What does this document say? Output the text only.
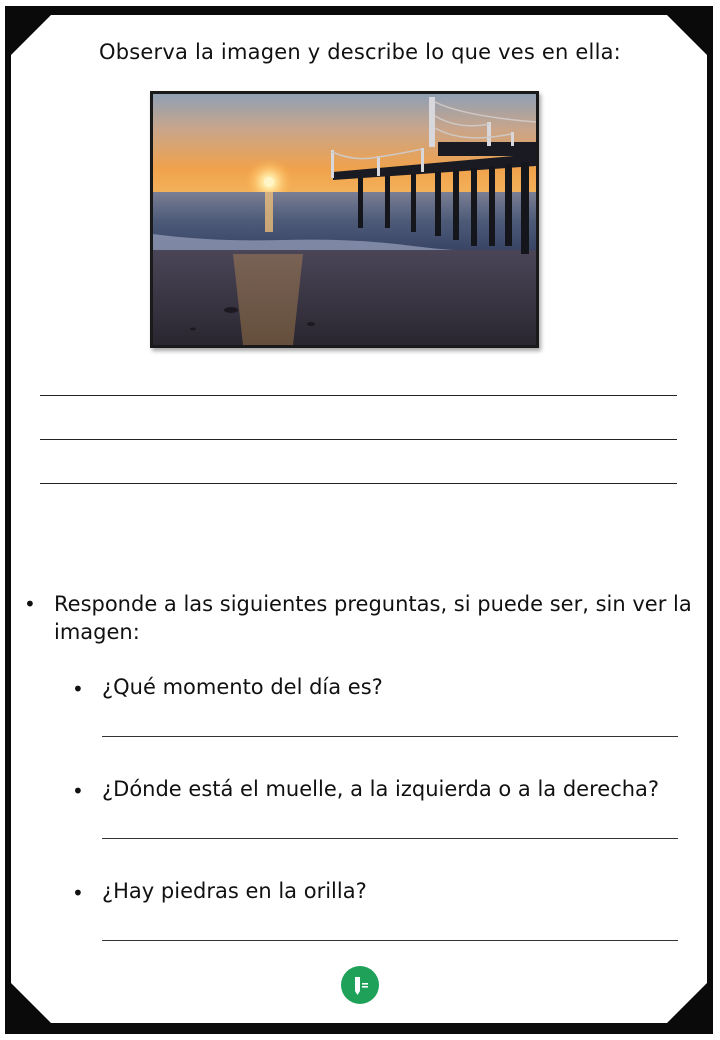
Observa la imagen y describe lo que ves en ella:
• Responde a las siguientes preguntas, si puede ser, sin ver la imagen:
• ¿Qué momento del día es?
• ¿Dónde está el muelle, a la izquierda o a la derecha?
• ¿Hay piedras en la orilla?
